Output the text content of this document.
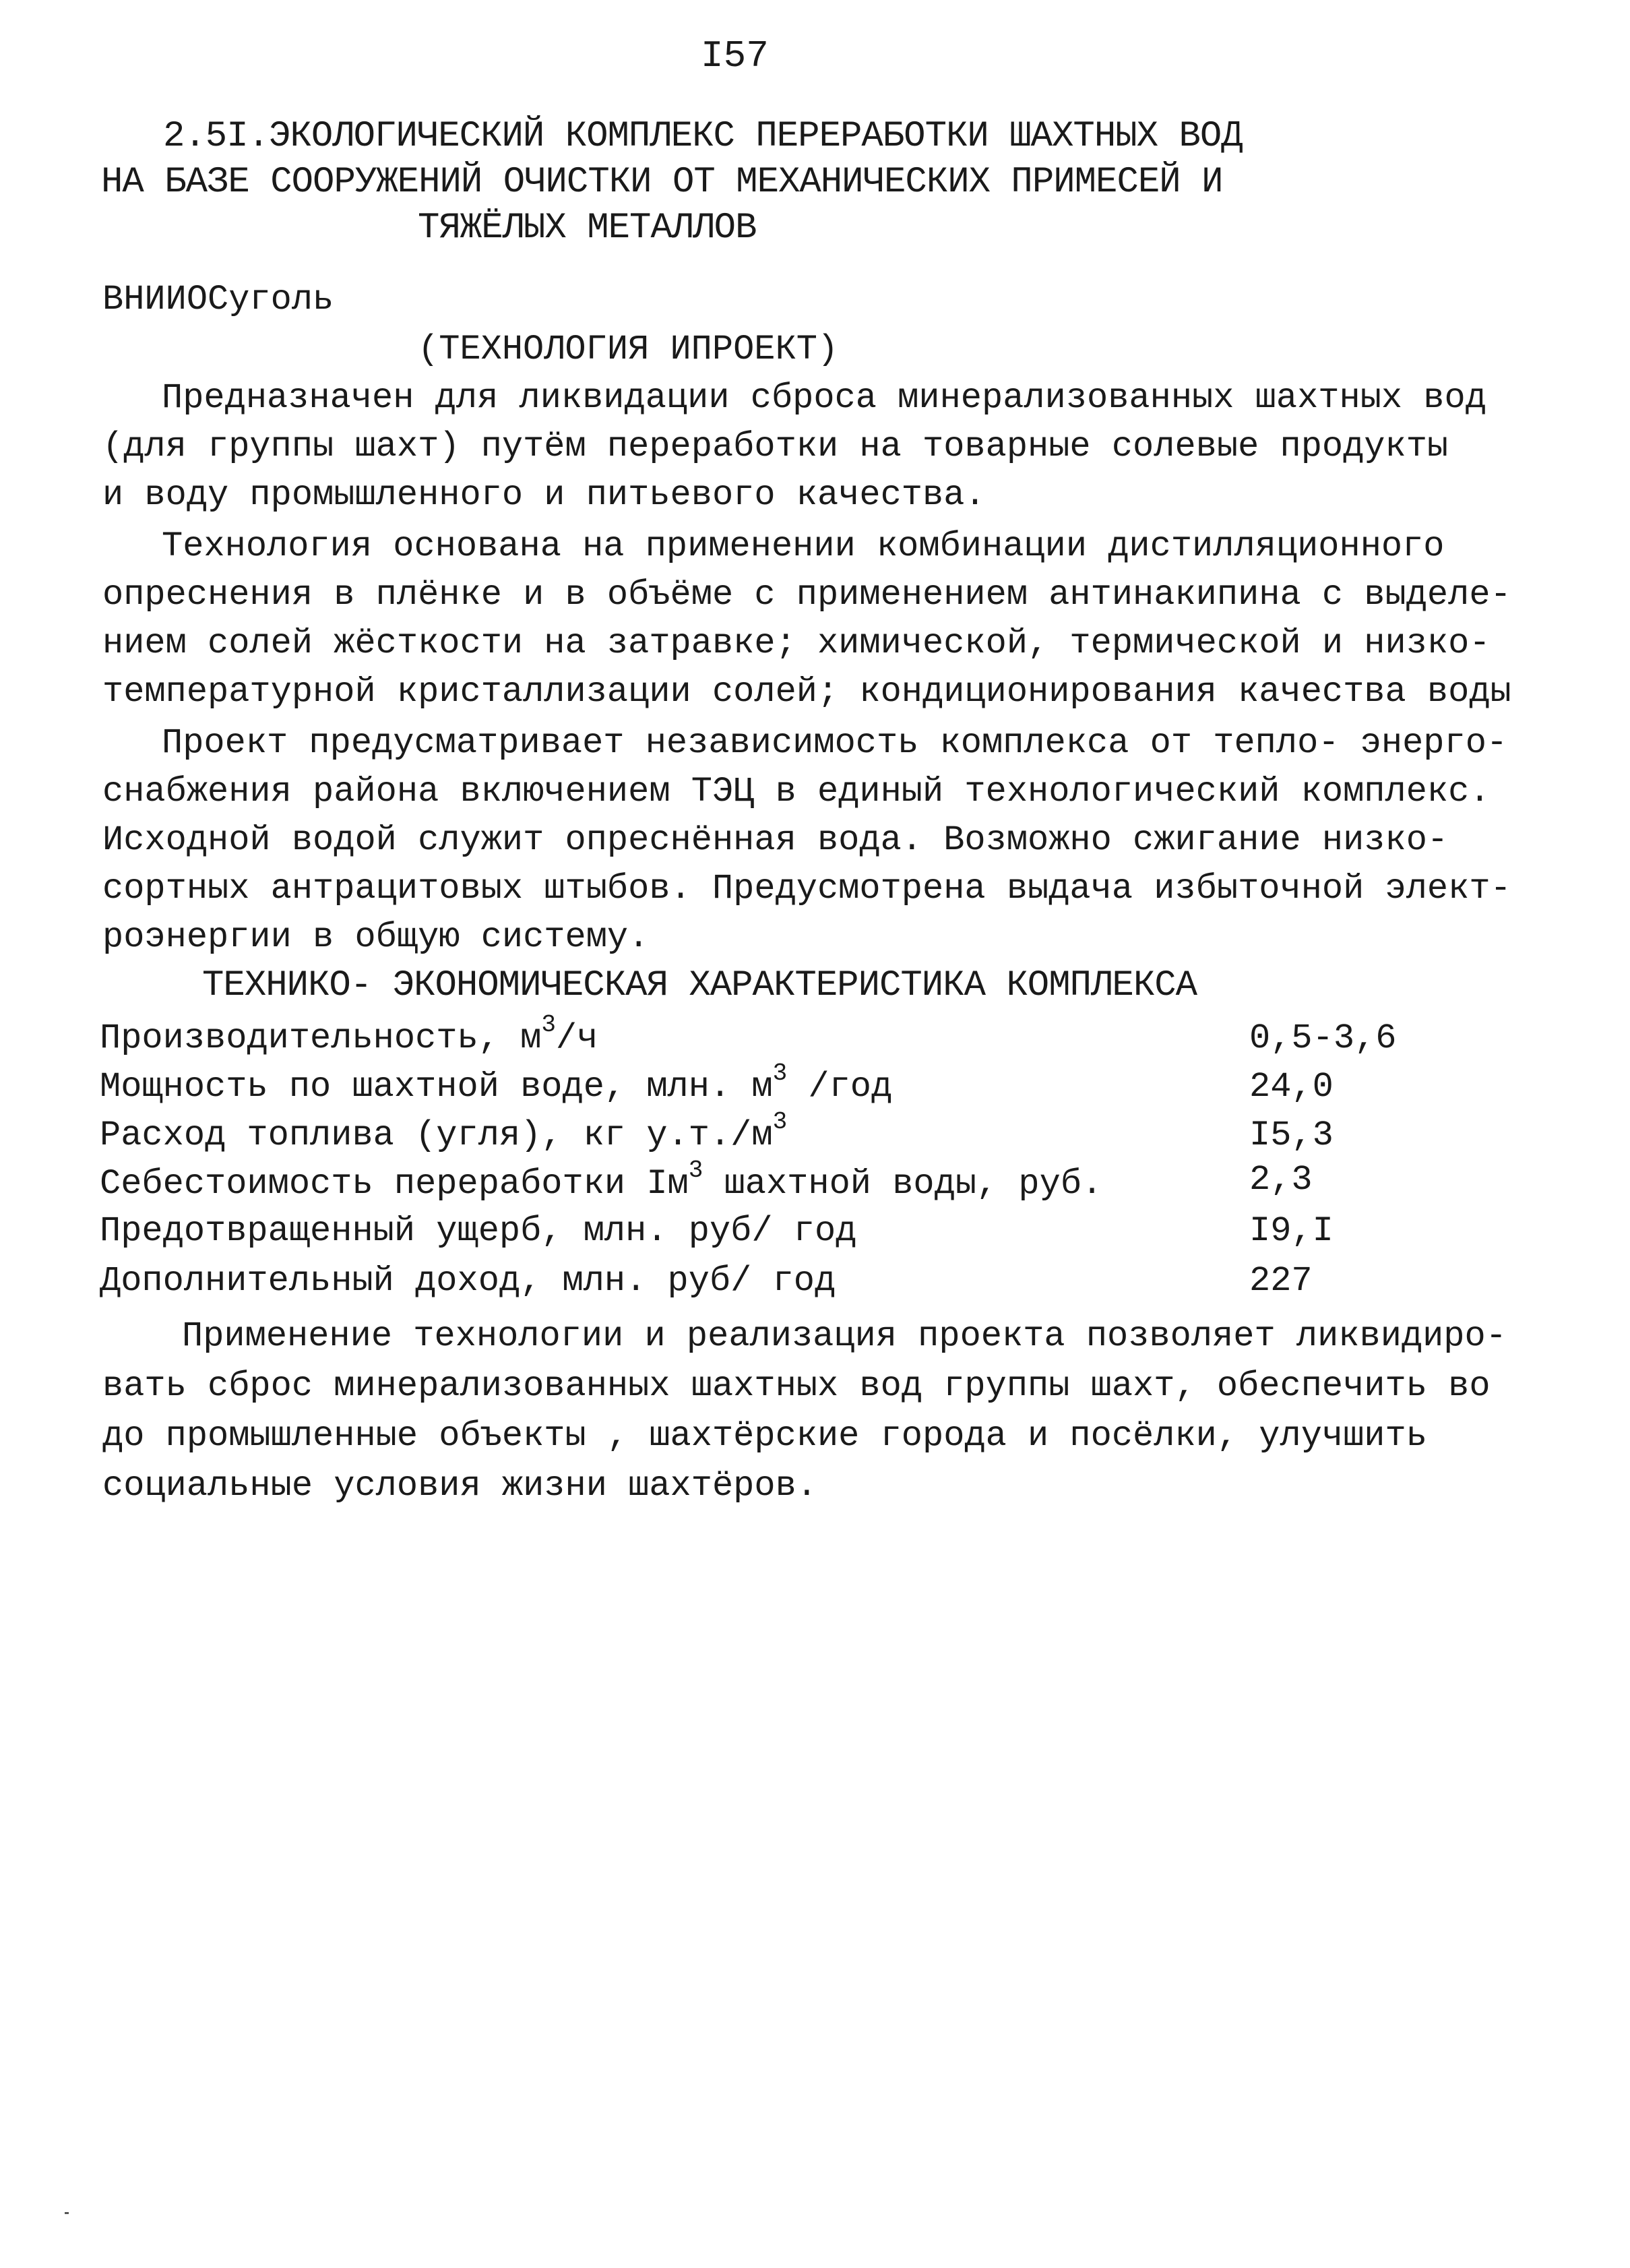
I57
2.5I.ЭКОЛОГИЧЕСКИЙ КОМПЛЕКС ПЕРЕРАБОТКИ ШАХТНЫХ ВОД
НА БАЗЕ СООРУЖЕНИЙ ОЧИСТКИ ОТ МЕХАНИЧЕСКИХ ПРИМЕСЕЙ И
ТЯЖЁЛЫХ МЕТАЛЛОВ
ВНИИОСуголь
(ТЕХНОЛОГИЯ ИПРОЕКТ)
Предназначен для ликвидации сброса минерализованных шахтных вод
(для группы шахт) путём переработки на товарные солевые продукты
и воду промышленного и питьевого качества.
Технология основана на применении комбинации дистилляционного
опреснения в плёнке и в объёме с применением антинакипина с выделе-
нием солей жёсткости на затравке; химической, термической и низко-
температурной кристаллизации солей; кондиционирования качества воды
Проект предусматривает независимость комплекса от тепло- энерго-
снабжения района включением ТЭЦ в единый технологический комплекс.
Исходной водой служит опреснённая вода. Возможно сжигание низко-
сортных антрацитовых штыбов. Предусмотрена выдача избыточной элект-
роэнергии в общую систему.
ТЕХНИКО- ЭКОНОМИЧЕСКАЯ ХАРАКТЕРИСТИКА КОМПЛЕКСА
Производительность, $м^3/ч$	0,5-3,6
Мощность по шахтной воде, млн. $м^3$ /год	24,0
Расход топлива (угля), кг $у.т./м^3$	I5,3
Себестоимость переработки $Iм^3$ шахтной воды, руб.	2,3
Предотвращенный ущерб, млн. руб/ год	I9,I
Дополнительный доход, млн. руб/ год	227
Применение технологии и реализация проекта позволяет ликвидиро-
вать сброс минерализованных шахтных вод группы шахт, обеспечить во
до промышленные объекты , шахтёрские города и посёлки, улучшить
социальные условия жизни шахтёров.
